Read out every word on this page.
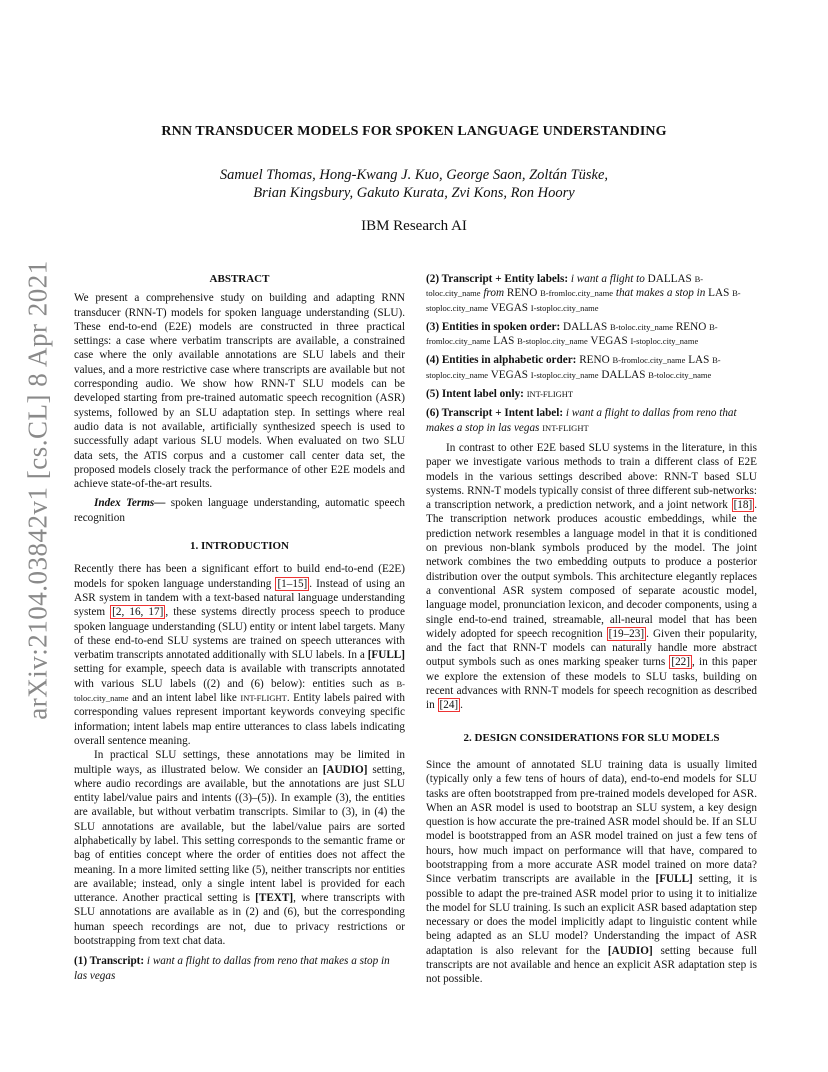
arXiv:2104.03842v1 [cs.CL] 8 Apr 2021
RNN TRANSDUCER MODELS FOR SPOKEN LANGUAGE UNDERSTANDING
Samuel Thomas, Hong-Kwang J. Kuo, George Saon, Zoltán Tüske,
Brian Kingsbury, Gakuto Kurata, Zvi Kons, Ron Hoory
IBM Research AI

ABSTRACT

We present a comprehensive study on building and adapting RNN transducer (RNN-T) models for spoken language understanding (SLU). These end-to-end (E2E) models are constructed in three practical settings: a case where verbatim transcripts are available, a constrained case where the only available annotations are SLU labels and their values, and a more restrictive case where transcripts are available but not corresponding audio. We show how RNN-T SLU models can be developed starting from pre-trained automatic speech recognition (ASR) systems, followed by an SLU adaptation step. In settings where real audio data is not available, artificially synthesized speech is used to successfully adapt various SLU models. When evaluated on two SLU data sets, the ATIS corpus and a customer call center data set, the proposed models closely track the performance of other E2E models and achieve state-of-the-art results.

Index Terms— spoken language understanding, automatic speech recognition

1. INTRODUCTION

Recently there has been a significant effort to build end-to-end (E2E) models for spoken language understanding [1–15] . Instead of using an ASR system in tandem with a text-based natural language understanding system [2, 16, 17] , these systems directly process speech to produce spoken language understanding (SLU) entity or intent label targets. Many of these end-to-end SLU systems are trained on speech utterances with verbatim transcripts annotated additionally with SLU labels. In a [FULL] setting for example, speech data is available with transcripts annotated with various SLU labels ((2) and (6) below): entities such as B-toloc.city_name and an intent label like INT-FLIGHT. Entity labels paired with corresponding values represent important keywords conveying specific information; intent labels map entire utterances to class labels indicating overall sentence meaning.

In practical SLU settings, these annotations may be limited in multiple ways, as illustrated below. We consider an [AUDIO] setting, where audio recordings are available, but the annotations are just SLU entity label/value pairs and intents ((3)–(5)). In example (3), the entities are available, but without verbatim transcripts. Similar to (3), in (4) the SLU annotations are available, but the label/value pairs are sorted alphabetically by label. This setting corresponds to the semantic frame or bag of entities concept where the order of entities does not affect the meaning. In a more limited setting like (5), neither transcripts nor entities are available; instead, only a single intent label is provided for each utterance. Another practical setting is [TEXT], where transcripts with SLU annotations are available as in (2) and (6), but the corresponding human speech recordings are not, due to privacy restrictions or bootstrapping from text chat data.

(1) Transcript: i want a flight to dallas from reno that makes a stop in las vegas

(2) Transcript + Entity labels: i want a flight to DALLAS B-toloc.city_name from RENO B-fromloc.city_name that makes a stop in LAS B-stoploc.city_name VEGAS I-stoploc.city_name

(3) Entities in spoken order: DALLAS B-toloc.city_name RENO B-fromloc.city_name LAS B-stoploc.city_name VEGAS I-stoploc.city_name

(4) Entities in alphabetic order: RENO B-fromloc.city_name LAS B-stoploc.city_name VEGAS I-stoploc.city_name DALLAS B-toloc.city_name

(5) Intent label only: INT-FLIGHT

(6) Transcript + Intent label: i want a flight to dallas from reno that makes a stop in las vegas INT-FLIGHT

In contrast to other E2E based SLU systems in the literature, in this paper we investigate various methods to train a different class of E2E models in the various settings described above: RNN-T based SLU systems. RNN-T models typically consist of three different sub-networks: a transcription network, a prediction network, and a joint network [18] . The transcription network produces acoustic embeddings, while the prediction network resembles a language model in that it is conditioned on previous non-blank symbols produced by the model. The joint network combines the two embedding outputs to produce a posterior distribution over the output symbols. This architecture elegantly replaces a conventional ASR system composed of separate acoustic model, language model, pronunciation lexicon, and decoder components, using a single end-to-end trained, streamable, all-neural model that has been widely adopted for speech recognition [19–23] . Given their popularity, and the fact that RNN-T models can naturally handle more abstract output symbols such as ones marking speaker turns [22] , in this paper we explore the extension of these models to SLU tasks, building on recent advances with RNN-T models for speech recognition as described in [24] .

2. DESIGN CONSIDERATIONS FOR SLU MODELS

Since the amount of annotated SLU training data is usually limited (typically only a few tens of hours of data), end-to-end models for SLU tasks are often bootstrapped from pre-trained models developed for ASR. When an ASR model is used to bootstrap an SLU system, a key design question is how accurate the pre-trained ASR model should be. If an SLU model is bootstrapped from an ASR model trained on just a few tens of hours, how much impact on performance will that have, compared to bootstrapping from a more accurate ASR model trained on more data? Since verbatim transcripts are available in the [FULL] setting, it is possible to adapt the pre-trained ASR model prior to using it to initialize the model for SLU training. Is such an explicit ASR based adaptation step necessary or does the model implicitly adapt to linguistic content while being adapted as an SLU model? Understanding the impact of ASR adaptation is also relevant for the [AUDIO] setting because full transcripts are not available and hence an explicit ASR adaptation step is not possible.
